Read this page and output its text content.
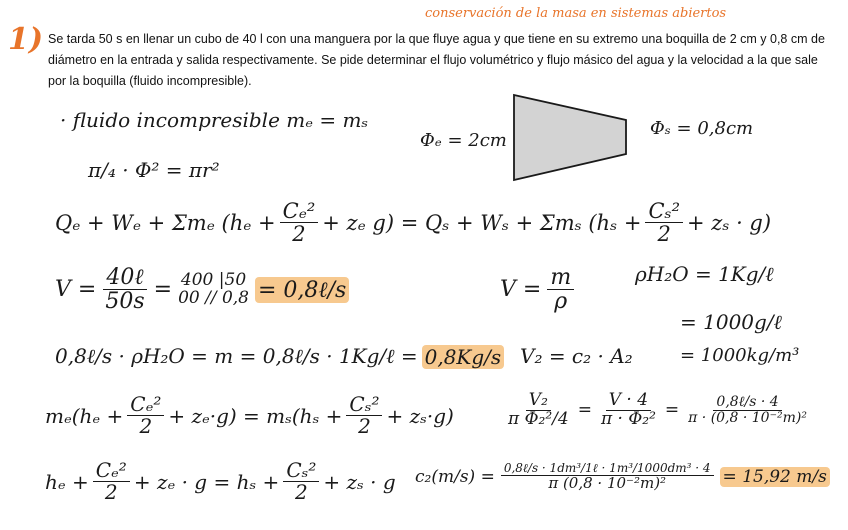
conservación de la masa en sistemas abiertos
1) Se tarda 50 s en llenar un cubo de 40 l con una manguera por la que fluye agua y que tiene en su extremo una boquilla de 2 cm y 0,8 cm de diámetro en la entrada y salida respectivamente. Se pide determinar el flujo volumétrico y flujo másico del agua y la velocidad a la que sale por la boquilla (fluido incompresible).
· fluido incompresible mₑ = mₛ
π/₄ · Φ² = πr²
Φₑ = 2cm
Φₛ = 0,8cm
Qₑ + Wₑ + Σmₑ ($h_e + \frac{\text{Cₑ²}}{2} + z_e$ g) = Qₛ + Wₛ + Σmₛ $(h_s + \frac{\text{Cₛ²}}{2} + z_s \cdot g)$
$V = \frac{\text{40ℓ}}{50s} = 400$ |50
00 // 0,8 = 0,8ℓ/s	$V = \frac{m}{\rho}$	ρH₂O = 1Kg/ℓ
= 1000g/ℓ
= 1000kg/m³
0,8ℓ/s · ρH₂O = m = 0,8ℓ/s · 1Kg/ℓ = 0,8Kg/s V₂ = c₂ · A₂
$m_e(h_e + \frac{\text{Cₑ²}}{2} + z_e\cdot g) = m_s(h_s + \frac{\text{Cₛ²}}{2} + z_s\cdot g)$	$\frac{\text{V₂}}{\text{π Φ₂²/4}} = \frac{V \cdot 4}{\text{π · Φ₂²}} = \frac{\text{0,8ℓ/s · 4}}{\text{π · (0,8 · 10⁻²m)²}}$
$h_e + \frac{\text{Cₑ²}}{2} + z_e \cdot g = h_s + \frac{\text{Cₛ²}}{2} + z_s \cdot g$ $c_2(m/s) = \frac{\text{0,8ℓ/s · 1dm³/1ℓ · 1m³/1000dm³ · 4}}{\text{π (0,8 · 10⁻²m)²}} = 15,92$ m/s
